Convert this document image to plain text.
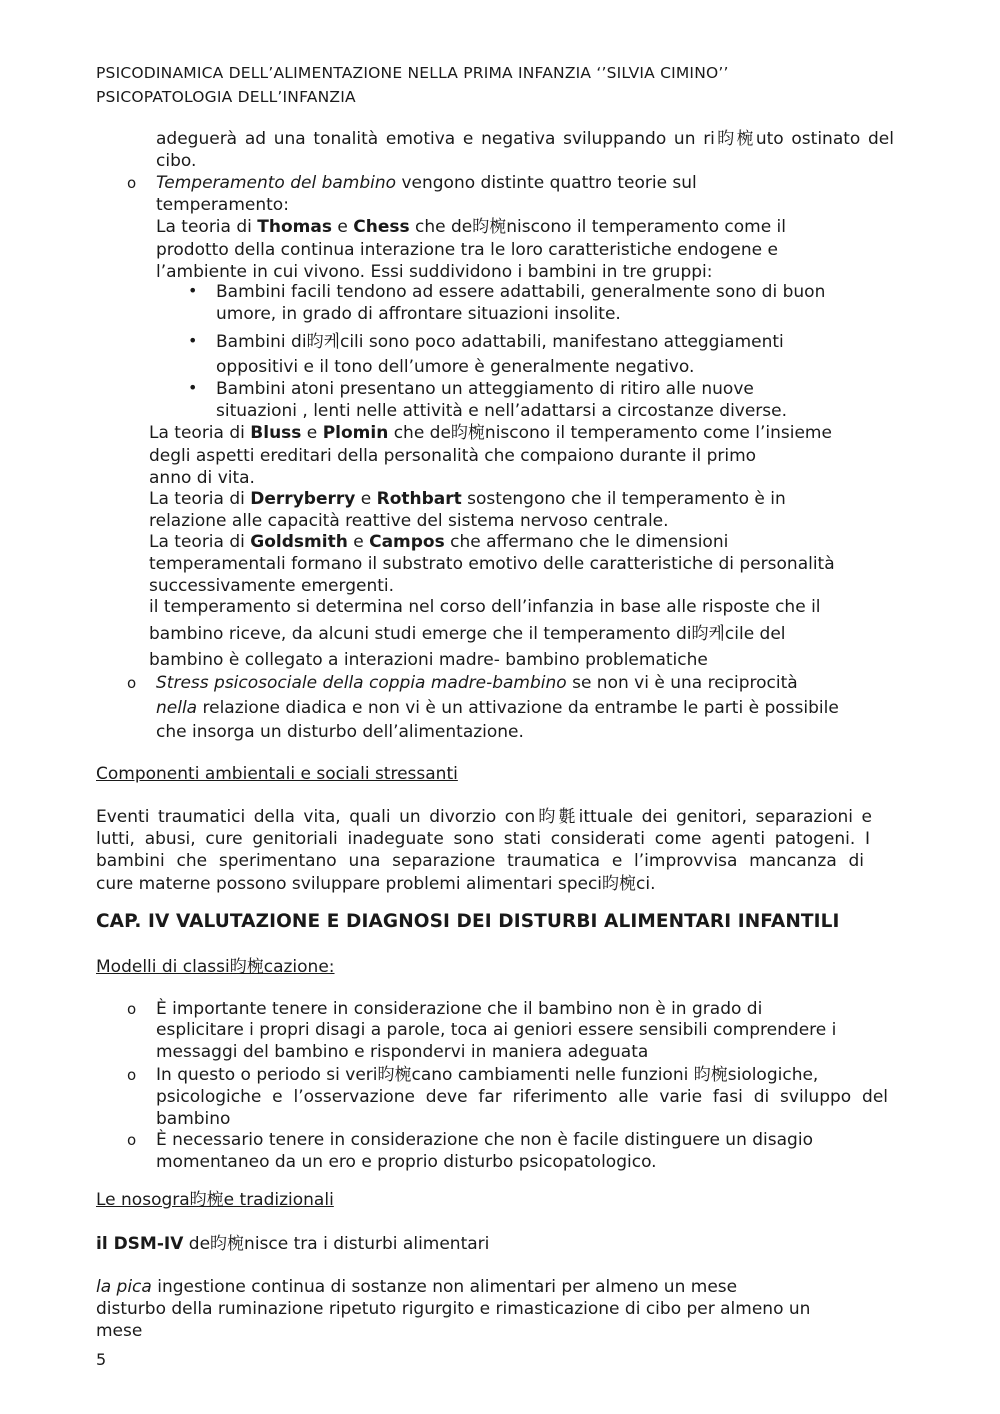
PSICODINAMICA DELL’ALIMENTAZIONE NELLA PRIMA INFANZIA ‘’SILVIA CIMINO’’

PSICOPATOLOGIA DELL’INFANZIA

adeguerà ad una tonalità emotiva e negativa sviluppando un ri昀椀uto ostinato del

cibo.

o Temperamento del bambino vengono distinte quattro teorie sul

temperamento:

La teoria di Thomas e Chess che de昀椀niscono il temperamento come il

prodotto della continua interazione tra le loro caratteristiche endogene e

l’ambiente in cui vivono. Essi suddividono i bambini in tre gruppi:

• Bambini facili tendono ad essere adattabili, generalmente sono di buon

umore, in grado di affrontare situazioni insolite.

• Bambini di昀케cili sono poco adattabili, manifestano atteggiamenti

oppositivi e il tono dell’umore è generalmente negativo.

• Bambini atoni presentano un atteggiamento di ritiro alle nuove

situazioni , lenti nelle attività e nell’adattarsi a circostanze diverse.

La teoria di Bluss e Plomin che de昀椀niscono il temperamento come l’insieme

degli aspetti ereditari della personalità che compaiono durante il primo

anno di vita.

La teoria di Derryberry e Rothbart sostengono che il temperamento è in

relazione alle capacità reattive del sistema nervoso centrale.

La teoria di Goldsmith e Campos che affermano che le dimensioni

temperamentali formano il substrato emotivo delle caratteristiche di personalità

successivamente emergenti.

il temperamento si determina nel corso dell’infanzia in base alle risposte che il

bambino riceve, da alcuni studi emerge che il temperamento di昀케cile del

bambino è collegato a interazioni madre- bambino problematiche

o Stress psicosociale della coppia madre-bambino se non vi è una reciprocità

nella relazione diadica e non vi è un attivazione da entrambe le parti è possibile

che insorga un disturbo dell’alimentazione.

Componenti ambientali e sociali stressanti

Eventi traumatici della vita, quali un divorzio con昀氀ittuale dei genitori, separazioni e

lutti, abusi, cure genitoriali inadeguate sono stati considerati come agenti patogeni. I

bambini che sperimentano una separazione traumatica e l’improvvisa mancanza di

cure materne possono sviluppare problemi alimentari speci昀椀ci.

CAP. IV VALUTAZIONE E DIAGNOSI DEI DISTURBI ALIMENTARI INFANTILI

Modelli di classi昀椀cazione:

o È importante tenere in considerazione che il bambino non è in grado di

esplicitare i propri disagi a parole, toca ai geniori essere sensibili comprendere i

messaggi del bambino e rispondervi in maniera adeguata

o In questo o periodo si veri昀椀cano cambiamenti nelle funzioni 昀椀siologiche,

psicologiche e l’osservazione deve far riferimento alle varie fasi di sviluppo del

bambino

o È necessario tenere in considerazione che non è facile distinguere un disagio

momentaneo da un ero e proprio disturbo psicopatologico.

Le nosogra昀椀e tradizionali

il DSM-IV de昀椀nisce tra i disturbi alimentari

la pica ingestione continua di sostanze non alimentari per almeno un mese

disturbo della ruminazione ripetuto rigurgito e rimasticazione di cibo per almeno un

mese

5
